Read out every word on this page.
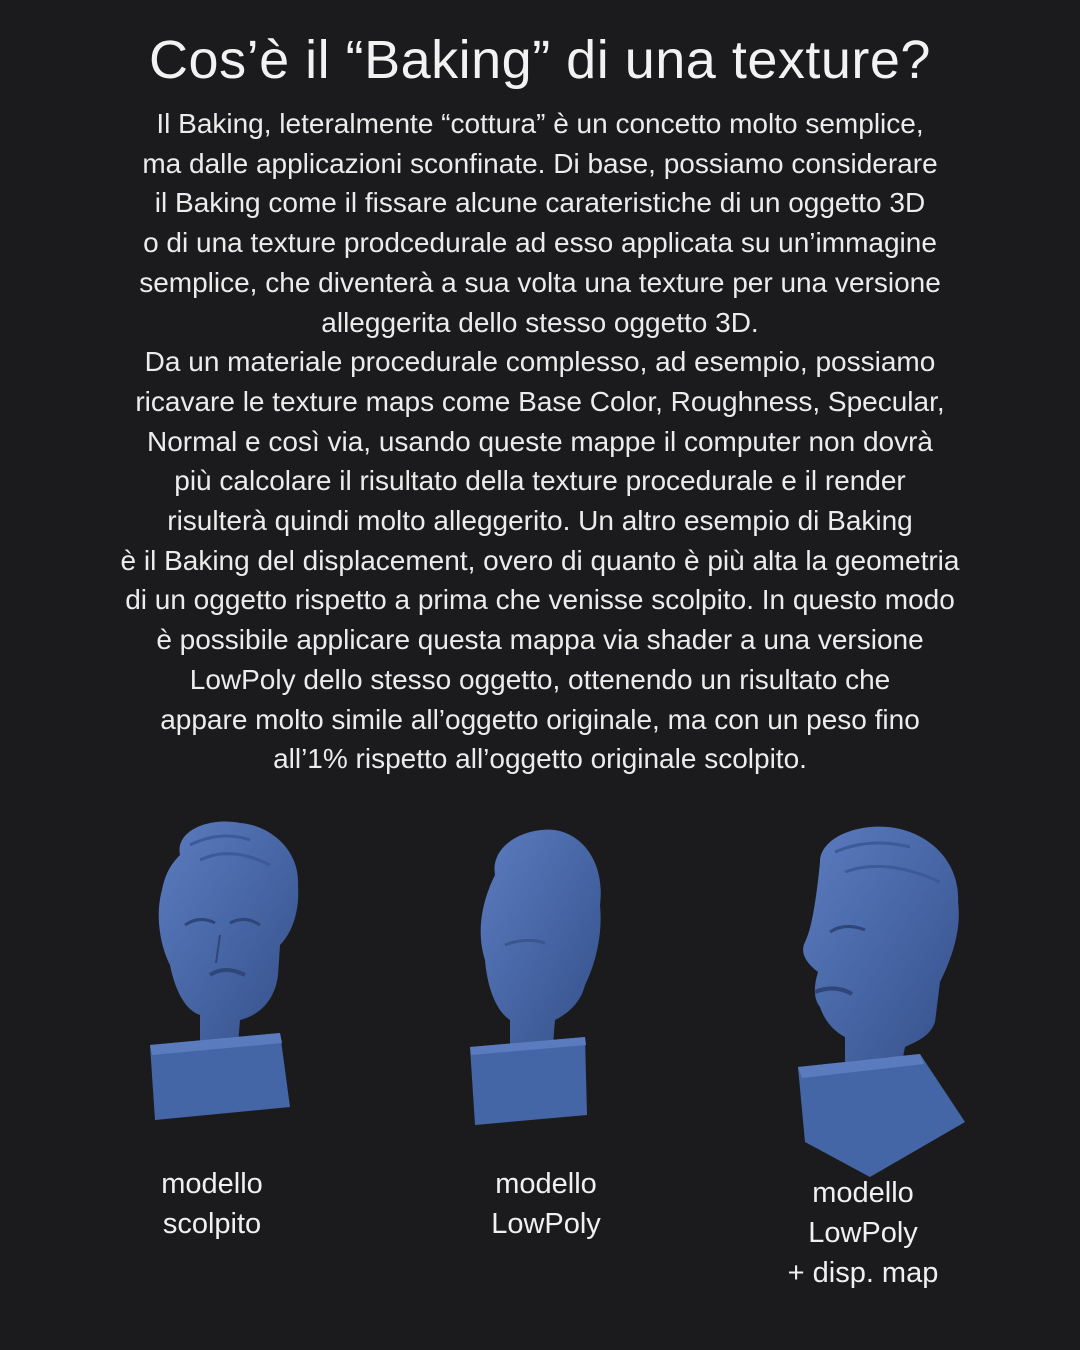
Cos’è il “Baking” di una texture?
Il Baking, leteralmente “cottura” è un concetto molto semplice,
ma dalle applicazioni sconfinate. Di base, possiamo considerare
il Baking come il fissare alcune carateristiche di un oggetto 3D
o di una texture prodcedurale ad esso applicata su un’immagine
semplice, che diventerà a sua volta una texture per una versione
alleggerita dello stesso oggetto 3D.
Da un materiale procedurale complesso, ad esempio, possiamo
ricavare le texture maps come Base Color, Roughness, Specular,
Normal e così via, usando queste mappe il computer non dovrà
più calcolare il risultato della texture procedurale e il render
risulterà quindi molto alleggerito. Un altro esempio di Baking
è il Baking del displacement, overo di quanto è più alta la geometria
di un oggetto rispetto a prima che venisse scolpito. In questo modo
è possibile applicare questa mappa via shader a una versione
LowPoly dello stesso oggetto, ottenendo un risultato che
appare molto simile all’oggetto originale, ma con un peso fino
all’1% rispetto all’oggetto originale scolpito.
modello
scolpito
modello
LowPoly
modello
LowPoly
+ disp. map
